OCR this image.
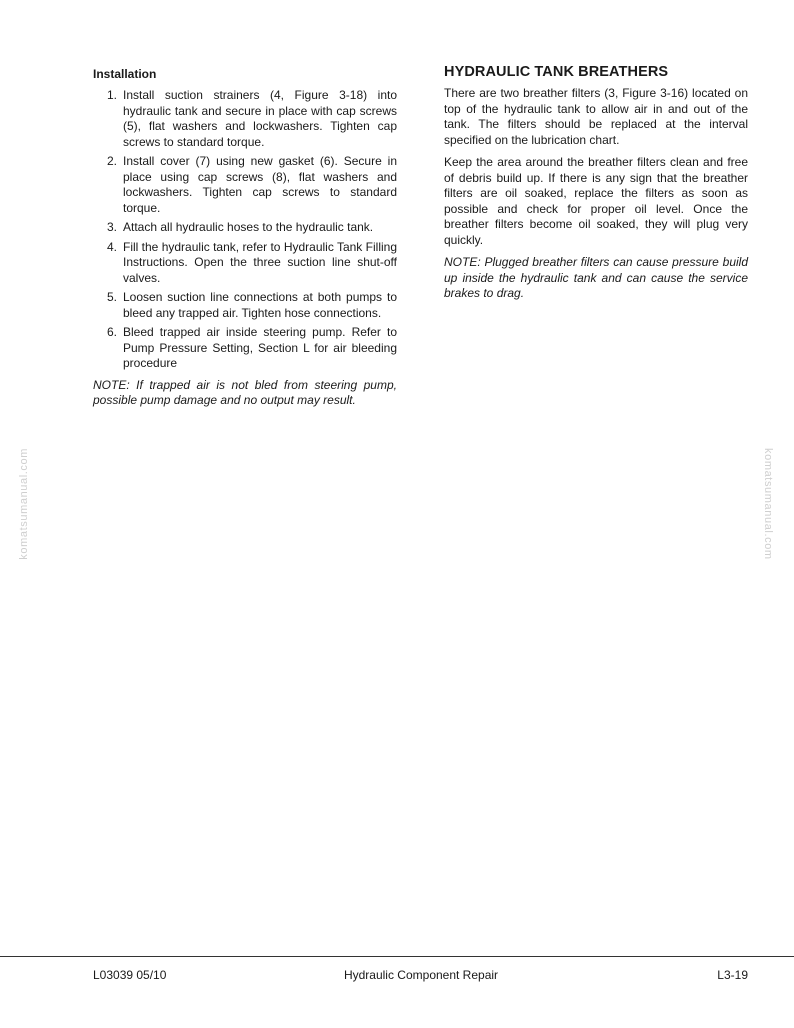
Installation
1. Install suction strainers (4, Figure 3-18) into hydraulic tank and secure in place with cap screws (5), flat washers and lockwashers. Tighten cap screws to standard torque.
2. Install cover (7) using new gasket (6). Secure in place using cap screws (8), flat washers and lockwashers. Tighten cap screws to standard torque.
3. Attach all hydraulic hoses to the hydraulic tank.
4. Fill the hydraulic tank, refer to Hydraulic Tank Filling Instructions. Open the three suction line shut-off valves.
5. Loosen suction line connections at both pumps to bleed any trapped air. Tighten hose connections.
6. Bleed trapped air inside steering pump. Refer to Pump Pressure Setting, Section L for air bleeding procedure

NOTE: If trapped air is not bled from steering pump, possible pump damage and no output may result.

HYDRAULIC TANK BREATHERS

There are two breather filters (3, Figure 3-16) located on top of the hydraulic tank to allow air in and out of the tank. The filters should be replaced at the interval specified on the lubrication chart.

Keep the area around the breather filters clean and free of debris build up. If there is any sign that the breather filters are oil soaked, replace the filters as soon as possible and check for proper oil level. Once the breather filters become oil soaked, they will plug very quickly.

NOTE: Plugged breather filters can cause pressure build up inside the hydraulic tank and can cause the service brakes to drag.

komatsumanual.com	komatsumanual.com
L03039 05/10	Hydraulic Component Repair	L3-19
